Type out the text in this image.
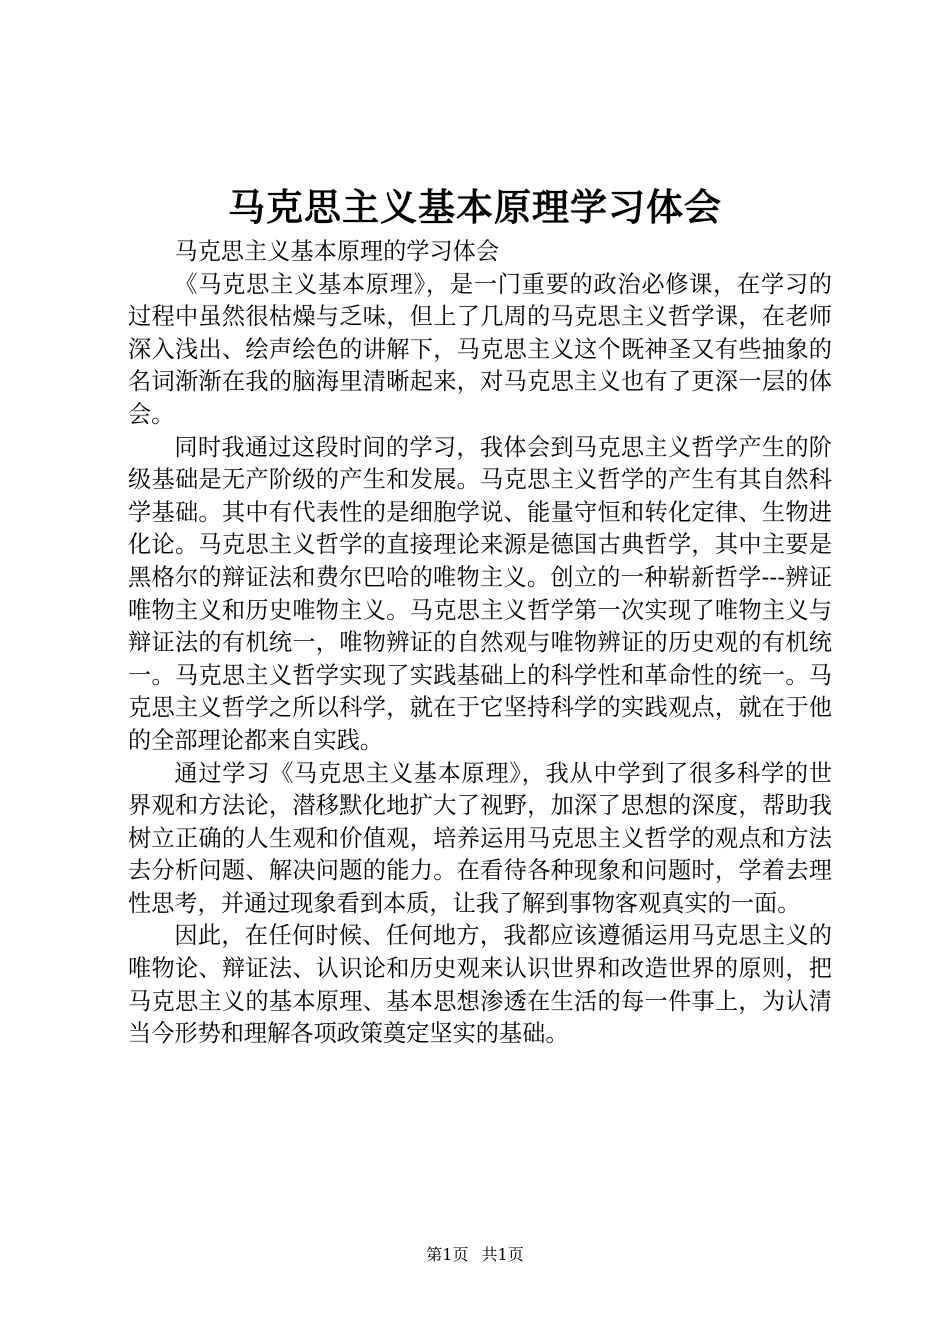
马克思主义基本原理学习体会

马克思主义基本原理的学习体会

《马克思主义基本原理》，是一门重要的政治必修课，在学习的过程中虽然很枯燥与乏味，但上了几周的马克思主义哲学课，在老师深入浅出、绘声绘色的讲解下，马克思主义这个既神圣又有些抽象的名词渐渐在我的脑海里清晰起来，对马克思主义也有了更深一层的体会。

同时我通过这段时间的学习，我体会到马克思主义哲学产生的阶级基础是无产阶级的产生和发展。马克思主义哲学的产生有其自然科学基础。其中有代表性的是细胞学说、能量守恒和转化定律、生物进化论。马克思主义哲学的直接理论来源是德国古典哲学，其中主要是黑格尔的辩证法和费尔巴哈的唯物主义。创立的一种崭新哲学---辨证唯物主义和历史唯物主义。马克思主义哲学第一次实现了唯物主义与辩证法的有机统一，唯物辨证的自然观与唯物辨证的历史观的有机统一。马克思主义哲学实现了实践基础上的科学性和革命性的统一。马克思主义哲学之所以科学，就在于它坚持科学的实践观点，就在于他的全部理论都来自实践。

通过学习《马克思主义基本原理》，我从中学到了很多科学的世界观和方法论，潜移默化地扩大了视野，加深了思想的深度，帮助我树立正确的人生观和价值观，培养运用马克思主义哲学的观点和方法去分析问题、解决问题的能力。在看待各种现象和问题时，学着去理性思考，并通过现象看到本质，让我了解到事物客观真实的一面。

因此，在任何时候、任何地方，我都应该遵循运用马克思主义的唯物论、辩证法、认识论和历史观来认识世界和改造世界的原则，把马克思主义的基本原理、基本思想渗透在生活的每一件事上，为认清当今形势和理解各项政策奠定坚实的基础。

第1页 共1页
